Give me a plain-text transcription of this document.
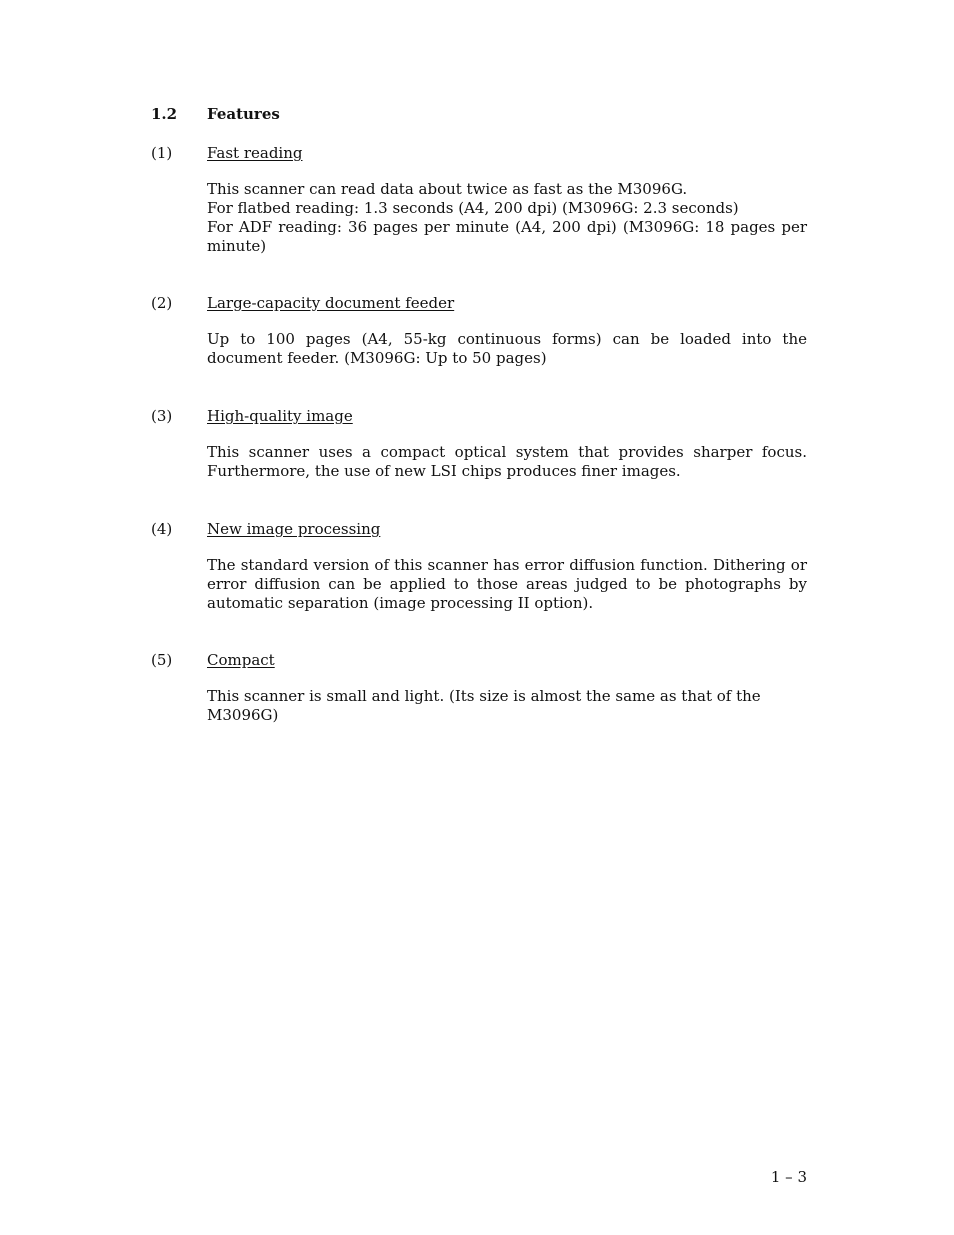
1.2 Features
(1) Fast reading

This scanner can read data about twice as fast as the M3096G.

For flatbed reading: 1.3 seconds (A4, 200 dpi) (M3096G: 2.3 seconds)

For ADF reading: 36 pages per minute (A4, 200 dpi) (M3096G: 18 pages per minute)

(2) Large-capacity document feeder

Up to 100 pages (A4, 55-kg continuous forms) can be loaded into the document feeder. (M3096G: Up to 50 pages)

(3) High-quality image

This scanner uses a compact optical system that provides sharper focus. Furthermore, the use of new LSI chips produces finer images.

(4) New image processing

The standard version of this scanner has error diffusion function. Dithering or error diffusion can be applied to those areas judged to be photographs by automatic separation (image processing II option).

(5) Compact

This scanner is small and light. (Its size is almost the same as that of the M3096G)

1 – 3
